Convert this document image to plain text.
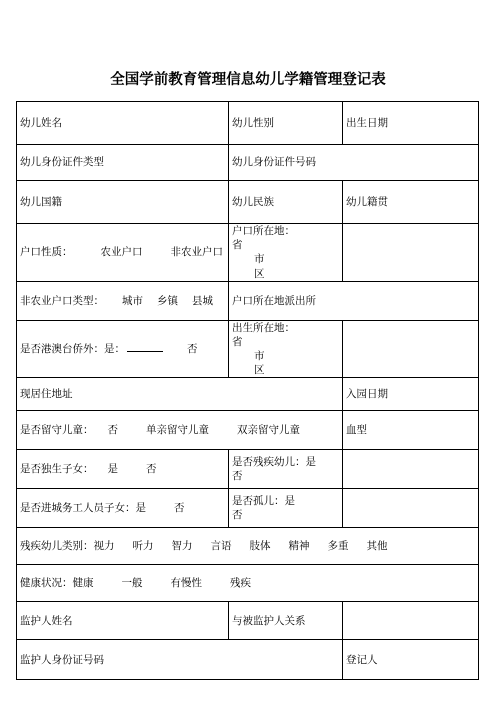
全国学前教育管理信息幼儿学籍管理登记表
幼儿姓名	幼儿性别	出生日期
幼儿身份证件类型	幼儿身份证件号码	
幼儿国籍	幼儿民族	幼儿籍贯
户口性质： 农业户口 非农业户口	户口所在地：
省
市
区	

非农业户口类型： 城市 乡镇 县城	户口所在地派出所	
是否港澳台侨外：是： 否	出生所在地：
省
市
区	

现居住地址		入园日期
是否留守儿童： 否 单亲留守儿童 双亲留守儿童		血型
是否独生子女： 是 否	是否残疾幼儿：是
否	

是否进城务工人员子女：是 否	是否孤儿：是
否	

残疾幼儿类别：视力 听力 智力 言语 肢体 精神 多重 其他		
健康状况：健康 一般 有慢性 残疾		
监护人姓名	与被监护人关系	
监护人身份证号码		登记人
